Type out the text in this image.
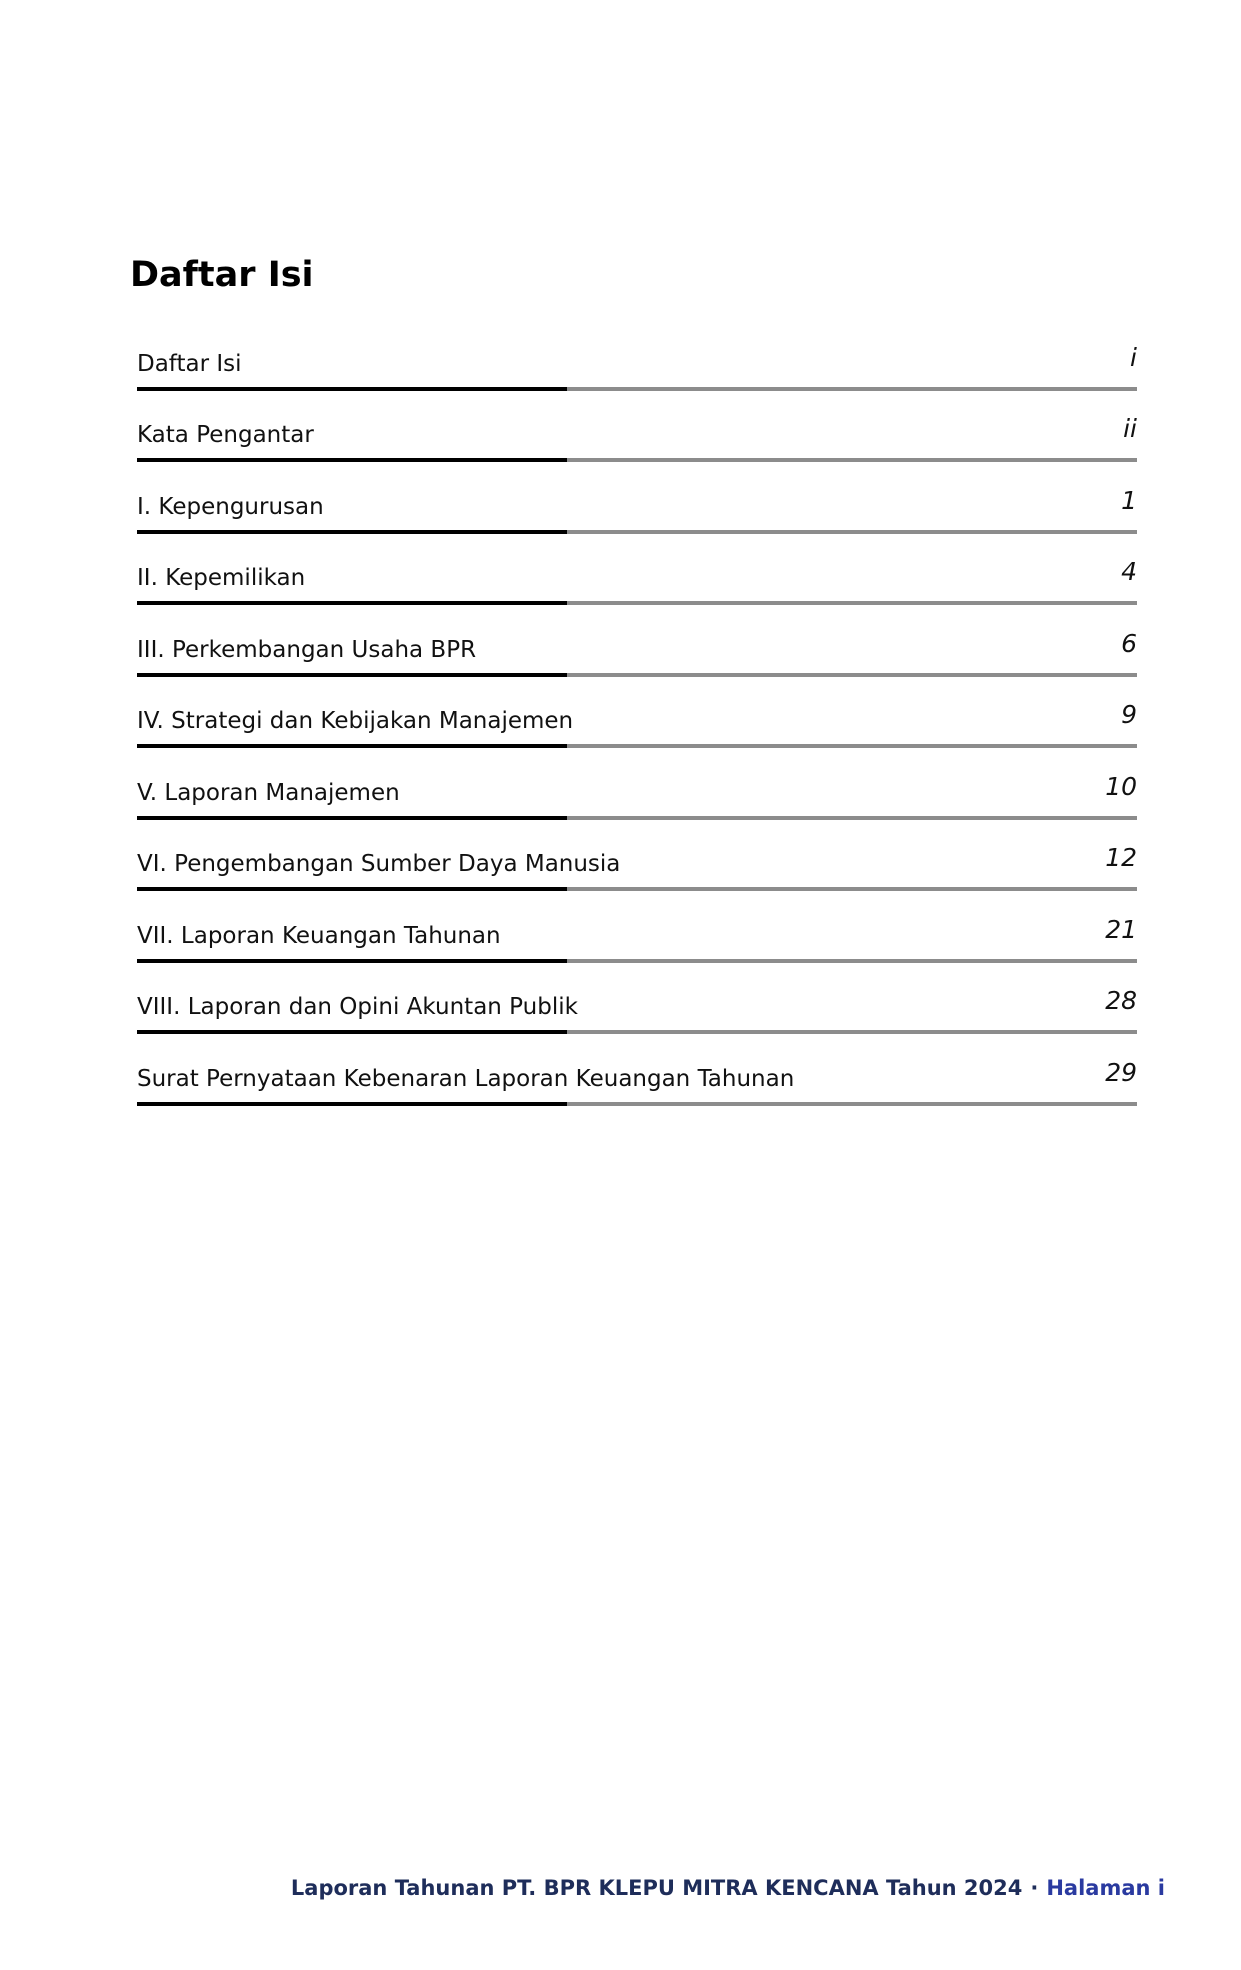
Daftar Isi
Daftar Isi	i
Kata Pengantar	ii
I. Kepengurusan	1
II. Kepemilikan	4
III. Perkembangan Usaha BPR	6
IV. Strategi dan Kebijakan Manajemen	9
V. Laporan Manajemen	10
VI. Pengembangan Sumber Daya Manusia	12
VII. Laporan Keuangan Tahunan	21
VIII. Laporan dan Opini Akuntan Publik	28
Surat Pernyataan Kebenaran Laporan Keuangan Tahunan	29
Laporan Tahunan PT. BPR KLEPU MITRA KENCANA Tahun 2024 · Halaman i
